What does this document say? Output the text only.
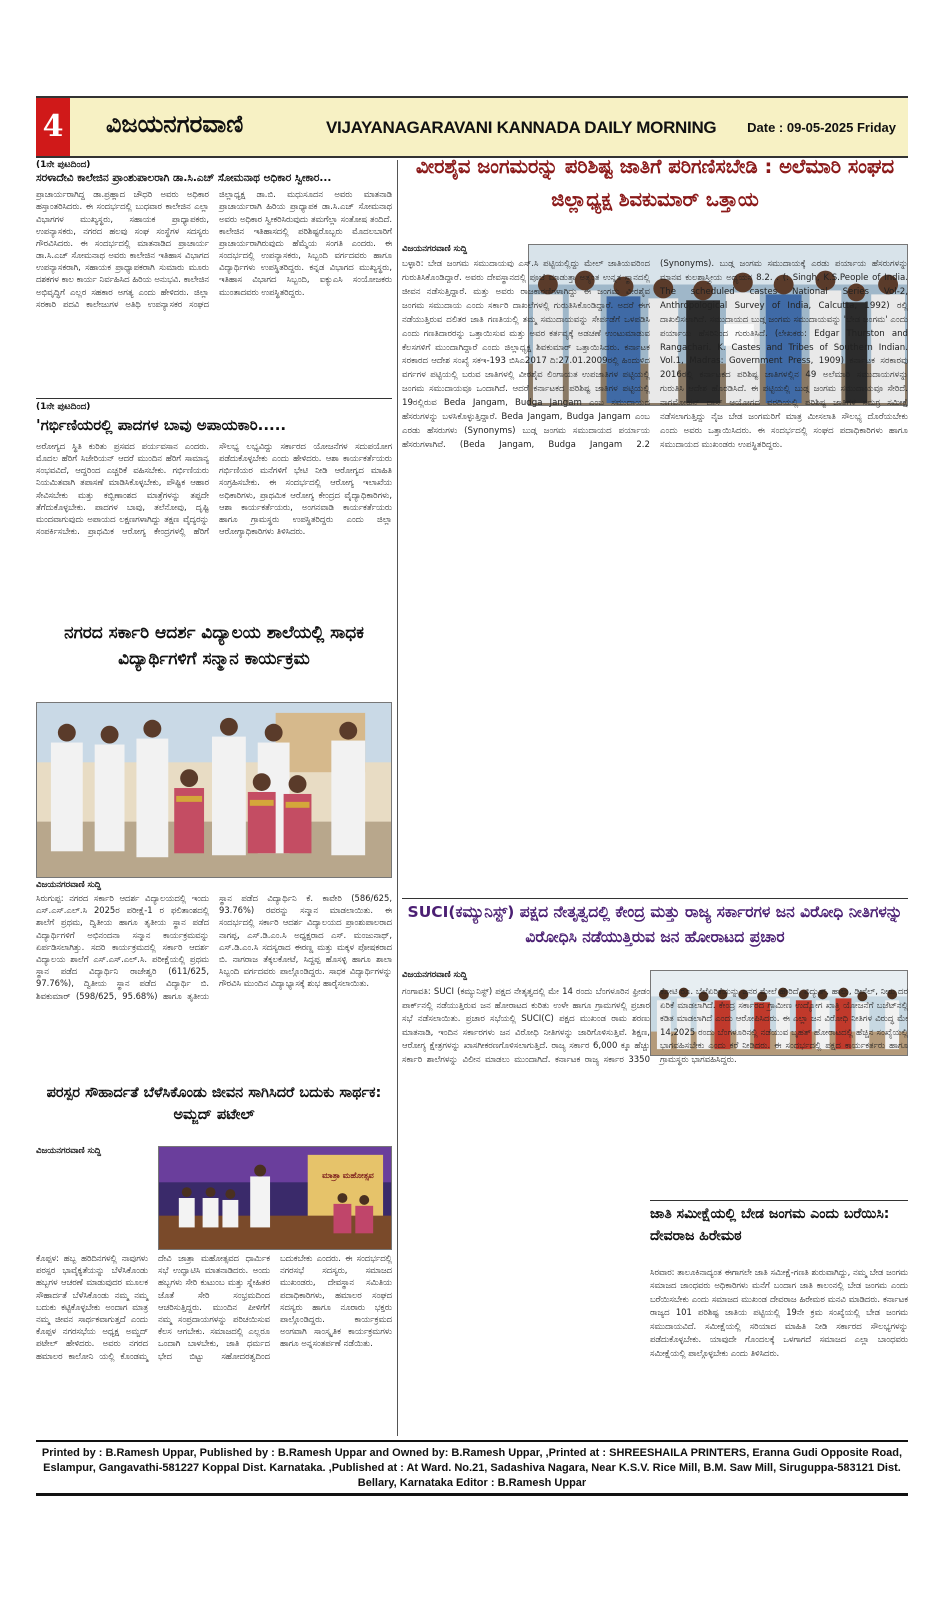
4 ವಿಜಯನಗರವಾಣಿ	VIJAYANAGARAVANI KANNADA DAILY MORNING Date : 09-05-2025 Friday
(1ನೇ ಪುಟದಿಂದ)
ಸರಳಾದೇವಿ ಕಾಲೇಜಿನ ಪ್ರಾಂಶುಪಾಲರಾಗಿ ಡಾ.ಸಿ.ಎಚ್ ಸೋಮನಾಥ ಅಧಿಕಾರ ಸ್ವೀಕಾರ...
ಪ್ರಾಚಾರ್ಯರಾಗಿದ್ದ ಡಾ.ಪ್ರಹ್ಲಾದ ಚೌಧರಿ ಅವರು ಅಧಿಕಾರ ಹಸ್ತಾಂತರಿಸಿದರು. ಈ ಸಂದರ್ಭದಲ್ಲಿ ಬುಧವಾರ ಕಾಲೇಜಿನ ಎಲ್ಲಾ ವಿಭಾಗಗಳ ಮುಖ್ಯಸ್ಥರು, ಸಹಾಯಕ ಪ್ರಾಧ್ಯಾಪಕರು, ಉಪನ್ಯಾಸಕರು, ನಗರದ ಹಲವು ಸಂಘ ಸಂಸ್ಥೆಗಳ ಸದಸ್ಯರು ಗೌರವಿಸಿದರು. ಈ ಸಂದರ್ಭದಲ್ಲಿ ಮಾತನಾಡಿದ ಪ್ರಾಚಾರ್ಯ ಡಾ.ಸಿ.ಎಚ್ ಸೋಮನಾಥ ಅವರು ಕಾಲೇಜಿನ ಇತಿಹಾಸ ವಿಭಾಗದ ಉಪನ್ಯಾಸಕರಾಗಿ, ಸಹಾಯಕ ಪ್ರಾಧ್ಯಾಪಕರಾಗಿ ಸುಮಾರು ಮೂರು ದಶಕಗಳ ಕಾಲ ಕಾರ್ಯ ನಿರ್ವಹಿಸಿದ ಹಿರಿಯ ಅನುಭವಿ. ಕಾಲೇಜಿನ ಅಭಿವೃದ್ಧಿಗೆ ಎಲ್ಲರ ಸಹಕಾರ ಅಗತ್ಯ ಎಂದು ಹೇಳಿದರು. ಜಿಲ್ಲಾ ಸರಕಾರಿ ಪದವಿ ಕಾಲೇಜುಗಳ ಅತಿಥಿ ಉಪನ್ಯಾಸಕರ ಸಂಘದ ಜಿಲ್ಲಾಧ್ಯಕ್ಷ ಡಾ.ಬಿ. ಮಧುಸೂದನ ಅವರು ಮಾತನಾಡಿ ಪ್ರಾಚಾರ್ಯರಾಗಿ ಹಿರಿಯ ಪ್ರಾಧ್ಯಾಪಕ ಡಾ.ಸಿ.ಎಚ್ ಸೋಮನಾಥ ಅವರು ಅಧಿಕಾರ ಸ್ವೀಕರಿಸಿರುವುದು ತಮಗೆಲ್ಲಾ ಸಂತೋಷ ತಂದಿದೆ. ಕಾಲೇಜಿನ ಇತಿಹಾಸದಲ್ಲಿ ಪರಿಶಿಷ್ಟರೊಬ್ಬರು ಮೊದಲಬಾರಿಗೆ ಪ್ರಾಚಾರ್ಯರಾಗಿರುವುದು ಹೆಮ್ಮೆಯ ಸಂಗತಿ ಎಂದರು. ಈ ಸಂದರ್ಭದಲ್ಲಿ ಉಪನ್ಯಾಸಕರು, ಸಿಬ್ಬಂದಿ ವರ್ಗದವರು ಹಾಗೂ ವಿದ್ಯಾರ್ಥಿಗಳು ಉಪಸ್ಥಿತರಿದ್ದರು. ಕನ್ನಡ ವಿಭಾಗದ ಮುಖ್ಯಸ್ಥರು, ಇತಿಹಾಸ ವಿಭಾಗದ ಸಿಬ್ಬಂದಿ, ಐಕ್ಯುಎಸಿ ಸಂಯೋಜಕರು ಮುಂತಾದವರು ಉಪಸ್ಥಿತರಿದ್ದರು.
(1ನೇ ಪುಟದಿಂದ)
'ಗರ್ಭಿಣಿಯರಲ್ಲಿ ಪಾದಗಳ ಬಾವು ಅಪಾಯಕಾರಿ.....
ಅರೋಗ್ಯದ ಸ್ಥಿತಿ ಕುರಿತು ಪ್ರಸವದ ಪರ್ಯವಸಾನ ಎಂದರು. ಮೊದಲ ಹೆರಿಗೆ ಸಿಜೇರಿಯನ್ ಆದರೆ ಮುಂದಿನ ಹೆರಿಗೆ ಸಾಮಾನ್ಯ ಸಂಭವವಿದೆ, ಆದ್ದರಿಂದ ಎಚ್ಚರಿಕೆ ವಹಿಸಬೇಕು. ಗರ್ಭಿಣಿಯರು ನಿಯಮಿತವಾಗಿ ತಪಾಸಣೆ ಮಾಡಿಸಿಕೊಳ್ಳಬೇಕು, ಪೌಷ್ಟಿಕ ಆಹಾರ ಸೇವಿಸಬೇಕು ಮತ್ತು ಕಬ್ಬಿಣಾಂಶದ ಮಾತ್ರೆಗಳನ್ನು ತಪ್ಪದೇ ತೆಗೆದುಕೊಳ್ಳಬೇಕು. ಪಾದಗಳ ಬಾವು, ತಲೆನೋವು, ದೃಷ್ಟಿ ಮಂದವಾಗುವುದು ಅಪಾಯದ ಲಕ್ಷಣಗಳಾಗಿದ್ದು ತಕ್ಷಣ ವೈದ್ಯರನ್ನು ಸಂಪರ್ಕಿಸಬೇಕು. ಪ್ರಾಥಮಿಕ ಆರೋಗ್ಯ ಕೇಂದ್ರಗಳಲ್ಲಿ ಹೆರಿಗೆ ಸೌಲಭ್ಯ ಲಭ್ಯವಿದ್ದು ಸರ್ಕಾರದ ಯೋಜನೆಗಳ ಸದುಪಯೋಗ ಪಡೆದುಕೊಳ್ಳಬೇಕು ಎಂದು ಹೇಳಿದರು. ಆಶಾ ಕಾರ್ಯಕರ್ತೆಯರು ಗರ್ಭಿಣಿಯರ ಮನೆಗಳಿಗೆ ಭೇಟಿ ನೀಡಿ ಆರೋಗ್ಯದ ಮಾಹಿತಿ ಸಂಗ್ರಹಿಸಬೇಕು. ಈ ಸಂದರ್ಭದಲ್ಲಿ ಆರೋಗ್ಯ ಇಲಾಖೆಯ ಅಧಿಕಾರಿಗಳು, ಪ್ರಾಥಮಿಕ ಆರೋಗ್ಯ ಕೇಂದ್ರದ ವೈದ್ಯಾಧಿಕಾರಿಗಳು, ಆಶಾ ಕಾರ್ಯಕರ್ತೆಯರು, ಅಂಗನವಾಡಿ ಕಾರ್ಯಕರ್ತೆಯರು ಹಾಗೂ ಗ್ರಾಮಸ್ಥರು ಉಪಸ್ಥಿತರಿದ್ದರು ಎಂದು ಜಿಲ್ಲಾ ಆರೋಗ್ಯಾಧಿಕಾರಿಗಳು ತಿಳಿಸಿದರು.
ನಗರದ ಸರ್ಕಾರಿ ಆದರ್ಶ ವಿದ್ಯಾಲಯ ಶಾಲೆಯಲ್ಲಿ ಸಾಧಕ ವಿದ್ಯಾರ್ಥಿಗಳಿಗೆ ಸನ್ಮಾನ ಕಾರ್ಯಕ್ರಮ
ವಿಜಯನಗರವಾಣಿ ಸುದ್ದಿ
ಸಿರುಗುಪ್ಪ: ನಗರದ ಸರ್ಕಾರಿ ಆದರ್ಶ ವಿದ್ಯಾಲಯದಲ್ಲಿ ಇಂದು ಎಸ್.ಎಸ್.ಎಲ್.ಸಿ 2025ರ ಪರೀಕ್ಷೆ-1 ರ ಫಲಿತಾಂಶದಲ್ಲಿ ಶಾಲೆಗೆ ಪ್ರಥಮ, ದ್ವಿತೀಯ ಹಾಗೂ ತೃತೀಯ ಸ್ಥಾನ ಪಡೆದ ವಿದ್ಯಾರ್ಥಿಗಳಿಗೆ ಅಭಿನಂದನಾ ಸನ್ಮಾನ ಕಾರ್ಯಕ್ರಮವನ್ನು ಏರ್ಪಡಿಸಲಾಗಿತ್ತು. ಸದರಿ ಕಾರ್ಯಕ್ರಮದಲ್ಲಿ ಸರ್ಕಾರಿ ಆದರ್ಶ ವಿದ್ಯಾಲಯ ಶಾಲೆಗೆ ಎಸ್.ಎಸ್.ಎಲ್.ಸಿ. ಪರೀಕ್ಷೆಯಲ್ಲಿ ಪ್ರಥಮ ಸ್ಥಾನ ಪಡೆದ ವಿದ್ಯಾರ್ಥಿನಿ ರಾಜೇಶ್ವರಿ (611/625, 97.76%), ದ್ವಿತೀಯ ಸ್ಥಾನ ಪಡೆದ ವಿದ್ಯಾರ್ಥಿ ಬಿ. ಶಿವಕುಮಾರ್ (598/625, 95.68%) ಹಾಗೂ ತೃತೀಯ ಸ್ಥಾನ ಪಡೆದ ವಿದ್ಯಾರ್ಥಿನಿ ಕೆ. ಕಾವೇರಿ (586/625, 93.76%) ರವರನ್ನು ಸನ್ಮಾನ ಮಾಡಲಾಯಿತು. ಈ ಸಂದರ್ಭದಲ್ಲಿ ಸರ್ಕಾರಿ ಆದರ್ಶ ವಿದ್ಯಾಲಯದ ಪ್ರಾಂಶುಪಾಲರಾದ ನಾಗಪ್ಪ, ಎಸ್.ಡಿ.ಎಂ.ಸಿ ಅಧ್ಯಕ್ಷರಾದ ಎಸ್. ಮಂಜುನಾಥ್, ಎಸ್.ಡಿ.ಎಂ.ಸಿ ಸದಸ್ಯರಾದ ಈರಣ್ಣ ಮತ್ತು ಮಕ್ಕಳ ಪೋಷಕರಾದ ಬಿ. ನಾಗರಾಜ ತೆಕ್ಕಲಕೋಟೆ, ಸಿದ್ದಪ್ಪ ಹೊಸಳ್ಳಿ ಹಾಗೂ ಶಾಲಾ ಸಿಬ್ಬಂದಿ ವರ್ಗದವರು ಪಾಲ್ಗೊಂಡಿದ್ದರು. ಸಾಧಕ ವಿದ್ಯಾರ್ಥಿಗಳನ್ನು ಗೌರವಿಸಿ ಮುಂದಿನ ವಿದ್ಯಾಭ್ಯಾಸಕ್ಕೆ ಶುಭ ಹಾರೈಸಲಾಯಿತು.
ಪರಸ್ಪರ ಸೌಹಾರ್ದತೆ ಬೆಳೆಸಿಕೊಂಡು ಜೀವನ ಸಾಗಿಸಿದರೆ ಬದುಕು ಸಾರ್ಥಕ: ಅಮ್ಜದ್ ಪಟೇಲ್
ವಿಜಯನಗರವಾಣಿ ಸುದ್ದಿ
ಮಾತ್ರಾ ಮಹೋತ್ಸವ
ಕೊಪ್ಪಳ: ಹಬ್ಬ ಹರಿದಿನಗಳಲ್ಲಿ ನಾವುಗಳು ಪರಸ್ಪರ ಭಾವೈಕ್ಯತೆಯನ್ನು ಬೆಳೆಸಿಕೊಂಡು ಹಬ್ಬಗಳ ಆಚರಣೆ ಮಾಡುವುದರ ಮೂಲಕ ಸೌಹಾರ್ದತೆ ಬೆಳೆಸಿಕೊಂಡು ನಮ್ಮ ನಮ್ಮ ಬದುಕು ಕಟ್ಟಿಕೊಳ್ಳಬೇಕು ಅಂದಾಗ ಮಾತ್ರ ನಮ್ಮ ಜೀವನ ಸಾರ್ಥಕವಾಗುತ್ತದೆ ಎಂದು ಕೊಪ್ಪಳ ನಗರಸಭೆಯ ಅಧ್ಯಕ್ಷ ಅಮ್ಜದ್ ಪಟೇಲ್ ಹೇಳಿದರು. ಅವರು ನಗರದ ಹಮಾಲರ ಕಾಲೋನಿ ಯಲ್ಲಿ ಕೊಂಡಮ್ಮ ದೇವಿ ಜಾತ್ರಾ ಮಹೋತ್ಸವದ ಧಾರ್ಮಿಕ ಸಭೆ ಉದ್ಘಾಟಿಸಿ ಮಾತನಾಡಿದರು. ಅಂದು ಹಬ್ಬಗಳು ಸೇರಿ ಕುಟುಂಬ ಮತ್ತು ಸ್ನೇಹಿತರ ಜೊತೆ ಸೇರಿ ಸಂಭ್ರಮದಿಂದ ಆಚರಿಸುತ್ತಿದ್ದರು. ಮುಂದಿನ ಪೀಳಿಗೆಗೆ ನಮ್ಮ ಸಂಪ್ರದಾಯಗಳನ್ನು ಪರಿಚಯಿಸುವ ಕೆಲಸ ಆಗಬೇಕು. ಸಮಾಜದಲ್ಲಿ ಎಲ್ಲರೂ ಒಂದಾಗಿ ಬಾಳಬೇಕು, ಜಾತಿ ಧರ್ಮದ ಭೇದ ಬಿಟ್ಟು ಸಹೋದರತ್ವದಿಂದ ಬದುಕಬೇಕು ಎಂದರು. ಈ ಸಂದರ್ಭದಲ್ಲಿ ನಗರಸಭೆ ಸದಸ್ಯರು, ಸಮಾಜದ ಮುಖಂಡರು, ದೇವಸ್ಥಾನ ಸಮಿತಿಯ ಪದಾಧಿಕಾರಿಗಳು, ಹಮಾಲರ ಸಂಘದ ಸದಸ್ಯರು ಹಾಗೂ ನೂರಾರು ಭಕ್ತರು ಪಾಲ್ಗೊಂಡಿದ್ದರು. ಕಾರ್ಯಕ್ರಮದ ಅಂಗವಾಗಿ ಸಾಂಸ್ಕೃತಿಕ ಕಾರ್ಯಕ್ರಮಗಳು ಹಾಗೂ ಅನ್ನಸಂತರ್ಪಣೆ ನಡೆಯಿತು.
ವೀರಶೈವ ಜಂಗಮರನ್ನು ಪರಿಶಿಷ್ಟ ಜಾತಿಗೆ ಪರಿಗಣಿಸಬೇಡಿ : ಅಲೆಮಾರಿ ಸಂಘದ ಜಿಲ್ಲಾಧ್ಯಕ್ಷ ಶಿವಕುಮಾರ್ ಒತ್ತಾಯ
ವಿಜಯನಗರವಾಣಿ ಸುದ್ದಿ
ಬಳ್ಳಾರಿ: ಬೇಡ ಜಂಗಮ ಸಮುದಾಯವು ಎಸ್.ಸಿ ಪಟ್ಟಿಯಲ್ಲಿದ್ದು ಮೇಲ್ ಜಾತಿಯವರಿಂದ ಗುರುತಿಸಿಕೊಂಡಿದ್ದಾರೆ. ಅವರು ದೇವಸ್ಥಾನದಲ್ಲಿ ಪೂಜೆ ಮಾಡುತ್ತಾ ಅತ್ಯಂತ ಉನ್ನತ ಸ್ಥಾನದಲ್ಲಿ ಜೀವನ ನಡೆಸುತ್ತಿದ್ದಾರೆ. ಮತ್ತು ಅವರು ರಾಜಕಾರಣಿಗಳಾಗಿದ್ದು ಈ ಜಂಗಮ ವೀರಶೈವ ಜಂಗಮ ಸಮುದಾಯ ಎಂದು ಸರ್ಕಾರಿ ದಾಖಲೆಗಳಲ್ಲಿ ಗುರುತಿಸಿಕೊಂಡಿದ್ದಾರೆ. ಅದರೆ ಈಗ ನಡೆಯುತ್ತಿರುವ ದಲಿತರ ಜಾತಿ ಗಣತಿಯಲ್ಲಿ ತಮ್ಮ ಸಮುದಾಯವನ್ನು ಸೇರ್ಪಡೆಗೆ ಒಳಪಡಿಸಿ ಎಂದು ಗಣತಿದಾರರನ್ನು ಒತ್ತಾಯಿಸುವ ಮತ್ತು ಅವರ ಕರ್ತವ್ಯಕ್ಕೆ ಅಡಚಣೆ ಉಂಟುಮಾಡುವ ಕೆಲಸಗಳಿಗೆ ಮುಂದಾಗಿದ್ದಾರೆ ಎಂದು ಜಿಲ್ಲಾಧ್ಯಕ್ಷ ಶಿವಕುಮಾರ್ ಒತ್ತಾಯಿಸಿದರು. ಕರ್ನಾಟಕ ಸರಕಾರದ ಆದೇಶ ಸಂಖ್ಯೆ ಸಕಇ-193 ಬಿಸಿಎ2017 ದಿ:27.01.2009ರಲ್ಲಿ ಹಿಂದುಳಿದ ವರ್ಗಗಳ ಪಟ್ಟಿಯಲ್ಲಿ ಬರುವ ಜಾತಿಗಳಲ್ಲಿ ವೀರಶೈವ ಲಿಂಗಾಯತ ಉಪಜಾತಿಗಳ ಪಟ್ಟಿಯಲ್ಲಿ ಜಂಗಮ ಸಮುದಾಯವೂ ಒಂದಾಗಿದೆ. ಆದರೆ ಕರ್ನಾಟಕದ ಪರಿಶಿಷ್ಟ ಜಾತಿಗಳ ಪಟ್ಟಿಯಲ್ಲಿ 19ರಲ್ಲಿರುವ Beda Jangam, Budga Jangam ಎಂಬ ಸಮುದಾಯದ ಹೆಸರುಗಳನ್ನು ಬಳಸಿಕೊಳ್ಳುತ್ತಿದ್ದಾರೆ. Beda Jangam, Budga Jangam ಎಂಬ ಎರಡು ಹೆಸರುಗಳು (Synonyms) ಬುಡ್ಗ ಜಂಗಮ ಸಮುದಾಯದ ಪರ್ಯಾಯ ಹೆಸರುಗಳಾಗಿವೆ. (Beda Jangam, Budga Jangam 2.2 (Synonyms). ಬುಡ್ಗ ಜಂಗಮ ಸಮುದಾಯಕ್ಕೆ ಎರಡು ಪರ್ಯಾಯ ಹೆಸರುಗಳನ್ನು ಮಾನವ ಕುಲಶಾಸ್ತ್ರೀಯ ಅಧ್ಯಯನ 8.2. . (: Singh, K.S.People of India. The scheduled castes National Series Vol-2, Anthropological Survey of India, Calcutta, 1992) ರಲ್ಲಿ ದಾಖಲಿಸಲಾಗಿದೆ. ಸಮುದಾಯದ ಬುಡ್ಗ ಜಂಗಮ ಸಮುದಾಯವನ್ನು 'ಬೇಡ ಜಂಗಮ' ಎಂದು ಪರ್ಯಾಯ ಹೆಸರಿನಿಂದ ಗುರುತಿಸಿದೆ. (ಲೇಖಕರು: Edgar Thurston and Rangachari. K. Castes and Tribes of Southern Indian. Vol.1, Madras: Government Press, 1909) ಕರ್ನಾಟಕ ಸರಕಾರವು 2016ರಲ್ಲಿ ಕರ್ನಾಟಕದ ಪರಿಶಿಷ್ಟ ಜಾತಿಗಳಲ್ಲಿನ 49 ಅಲೆಮಾರಿ ಸಮುದಾಯಗಳನ್ನು ಗುರುತಿಸಿ ಆದೇಶ ಹೊರಡಿಸಿದೆ. ಈ ಪಟ್ಟಿಯಲ್ಲಿ ಬುಡ್ಗ ಜಂಗಮ ಸಮುದಾಯವೂ ಸೇರಿದೆ. ನಾಗಮೋಹನ್ ದಾಸ್ ಆಯೋಗದ ವರದಿಯಲ್ಲಿ ಪರಿಶಿಷ್ಟ ಜಾತಿಗಳ ಸಮಗ್ರ ಸಮೀಕ್ಷೆ ನಡೆಸಲಾಗುತ್ತಿದ್ದು ನೈಜ ಬೇಡ ಜಂಗಮರಿಗೆ ಮಾತ್ರ ಮೀಸಲಾತಿ ಸೌಲಭ್ಯ ದೊರೆಯಬೇಕು ಎಂದು ಅವರು ಒತ್ತಾಯಿಸಿದರು. ಈ ಸಂದರ್ಭದಲ್ಲಿ ಸಂಘದ ಪದಾಧಿಕಾರಿಗಳು ಹಾಗೂ ಸಮುದಾಯದ ಮುಖಂಡರು ಉಪಸ್ಥಿತರಿದ್ದರು.
SUCI(ಕಮ್ಯುನಿಸ್ಟ್) ಪಕ್ಷದ ನೇತೃತ್ವದಲ್ಲಿ ಕೇಂದ್ರ ಮತ್ತು ರಾಜ್ಯ ಸರ್ಕಾರಗಳ ಜನ ವಿರೋಧಿ ನೀತಿಗಳನ್ನು ವಿರೋಧಿಸಿ ನಡೆಯುತ್ತಿರುವ ಜನ ಹೋರಾಟದ ಪ್ರಚಾರ
ವಿಜಯನಗರವಾಣಿ ಸುದ್ದಿ
ಗಂಗಾವತಿ: SUCI (ಕಮ್ಯುನಿಸ್ಟ್) ಪಕ್ಷದ ನೇತೃತ್ವದಲ್ಲಿ ಮೇ 14 ರಂದು ಬೆಂಗಳೂರಿನ ಫ್ರೀಡಂ ಪಾರ್ಕ್‌ನಲ್ಲಿ ನಡೆಯುತ್ತಿರುವ ಜನ ಹೋರಾಟದ ಕುರಿತು ಉಳೇ ಹಾಗೂ ಗ್ರಾಮಗಳಲ್ಲಿ ಪ್ರಚಾರ ಸಭೆ ನಡೆಸಲಾಯಿತು. ಪ್ರಚಾರ ಸಭೆಯಲ್ಲಿ SUCI(C) ಪಕ್ಷದ ಮುಖಂಡ ರಾಮ ಶರಣು ಮಾತನಾಡಿ, ಇಂದಿನ ಸರ್ಕಾರಗಳು ಜನ ವಿರೋಧಿ ನೀತಿಗಳನ್ನು ಜಾರಿಗೊಳಿಸುತ್ತಿವೆ. ಶಿಕ್ಷಣ, ಆರೋಗ್ಯ ಕ್ಷೇತ್ರಗಳನ್ನು ಖಾಸಗೀಕರಣಗೊಳಿಸಲಾಗುತ್ತಿದೆ. ರಾಜ್ಯ ಸರ್ಕಾರ 6,000 ಕ್ಕೂ ಹೆಚ್ಚು ಸರ್ಕಾರಿ ಶಾಲೆಗಳನ್ನು ವಿಲೀನ ಮಾಡಲು ಮುಂದಾಗಿದೆ. ಕರ್ನಾಟಕ ರಾಜ್ಯ ಸರ್ಕಾರ 3350 ಕೋಟಿ ರೂ. ಬೆಲೆಏರಿಕೆಯನ್ನು ಜನರ ಮೇಲೆ ಹೇರಿದೆ. ವಿದ್ಯುತ್, ಹಾಲು, ಡೀಸೆಲ್, ನೀರು ದರ ಏರಿಕೆ ಮಾಡಲಾಗಿದೆ. ಕೇಂದ್ರ ಸರ್ಕಾರದ ಗ್ರಾಮೀಣ ಉದ್ಯೋಗ ಖಾತ್ರಿ ಯೋಜನೆಗೆ ಬಜೆಟ್‌ನಲ್ಲಿ ಕಡಿತ ಮಾಡಲಾಗಿದೆ ಎಂದು ಆರೋಪಿಸಿದರು. ಈ ಎಲ್ಲಾ ಜನ ವಿರೋಧಿ ನೀತಿಗಳ ವಿರುದ್ಧ ಮೇ 14,2025 ರಂದು ಬೆಂಗಳೂರಿನಲ್ಲಿ ನಡೆಯುವ ಬೃಹತ್ ಹೋರಾಟದಲ್ಲಿ ಹೆಚ್ಚಿನ ಸಂಖ್ಯೆಯಲ್ಲಿ ಭಾಗವಹಿಸಬೇಕು ಎಂದು ಕರೆ ನೀಡಿದರು. ಈ ಸಂದರ್ಭದಲ್ಲಿ ಪಕ್ಷದ ಕಾರ್ಯಕರ್ತರು ಹಾಗೂ ಗ್ರಾಮಸ್ಥರು ಭಾಗವಹಿಸಿದ್ದರು.
ಜಾತಿ ಸಮೀಕ್ಷೆಯಲ್ಲಿ ಬೇಡ ಜಂಗಮ ಎಂದು ಬರೆಯಿಸಿ: ದೇವರಾಜ ಹಿರೇಮಠ
ಸಿರವಾರ: ತಾಲೂಕಿನಾದ್ಯಂತ ಈಗಾಗಲೇ ಜಾತಿ ಸಮೀಕ್ಷೆ-ಗಣತಿ ಶುರುವಾಗಿದ್ದು, ನಮ್ಮ ಬೇಡ ಜಂಗಮ ಸಮಾಜದ ಜಾಂಧವರು ಅಧಿಕಾರಿಗಳು ಮನೆಗೆ ಬಂದಾಗ ಜಾತಿ ಕಾಲಂನಲ್ಲಿ ಬೇಡ ಜಂಗಮ ಎಂದು ಬರೆಯಿಸಬೇಕು ಎಂದು ಸಮಾಜದ ಮುಖಂಡ ದೇವರಾಜ ಹಿರೇಮಠ ಮನವಿ ಮಾಡಿದರು. ಕರ್ನಾಟಕ ರಾಜ್ಯದ 101 ಪರಿಶಿಷ್ಟ ಜಾತಿಯ ಪಟ್ಟಿಯಲ್ಲಿ 19ನೇ ಕ್ರಮ ಸಂಖ್ಯೆಯಲ್ಲಿ ಬೇಡ ಜಂಗಮ ಸಮುದಾಯವಿದೆ. ಸಮೀಕ್ಷೆಯಲ್ಲಿ ಸರಿಯಾದ ಮಾಹಿತಿ ನೀಡಿ ಸರ್ಕಾರದ ಸೌಲಭ್ಯಗಳನ್ನು ಪಡೆದುಕೊಳ್ಳಬೇಕು. ಯಾವುದೇ ಗೊಂದಲಕ್ಕೆ ಒಳಗಾಗದೆ ಸಮಾಜದ ಎಲ್ಲಾ ಬಾಂಧವರು ಸಮೀಕ್ಷೆಯಲ್ಲಿ ಪಾಲ್ಗೊಳ್ಳಬೇಕು ಎಂದು ತಿಳಿಸಿದರು.
Printed by : B.Ramesh Uppar, Published by : B.Ramesh Uppar and Owned by: B.Ramesh Uppar, ,Printed at : SHREESHAILA PRINTERS, Eranna Gudi Opposite Road,
Eslampur, Gangavathi-581227 Koppal Dist. Karnataka. ,Published at : At Ward. No.21, Sadashiva Nagara, Near K.S.V. Rice Mill, B.M. Saw Mill, Siruguppa-583121 Dist.
Bellary, Karnataka Editor : B.Ramesh Uppar
